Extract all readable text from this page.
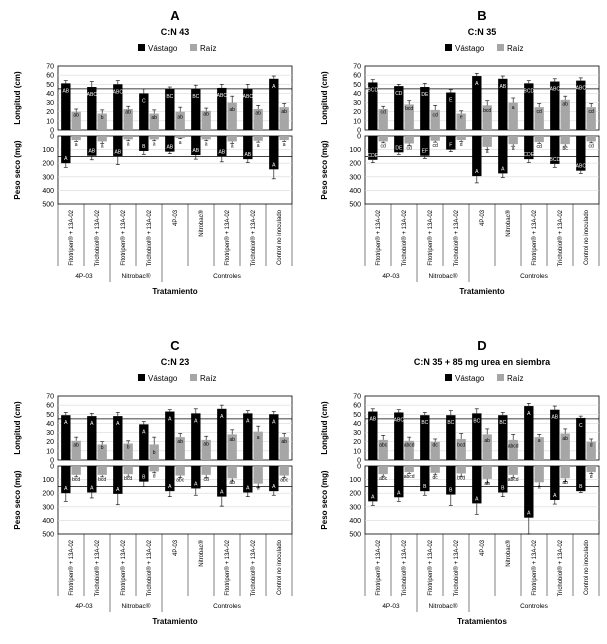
A
C:N 43
Vástago	Raíz
0
10
20
30
40
50
60
70
0
100
200
300
400
500
Longitud (cm)
Peso seco (mg)
AB
A
ABC
AB
ABC
AB
C
B
BC
AB
BC
AB
ABC
AB
ABC
AB
A
A
ab
a
b
a
ab
a
ab
a
ab
a
ab
a
ab
a
ab
a
ab
a
Fitotripen® + 13A-02	Trichobiol® + 13A-02	Fitotripen® + 13A-02	Trichobiol® + 13A-02	4P-03	Nitrobac®	Fitotripen® + 13A-02	Trichobiol® + 13A-02	Control no inoculado
4P-03	Nitrobac®	Controles
Tratamiento
B
C:N 35
Vástago	Raíz
0
10
20
30
40
50
60
70
0
100
200
300
400
500
Longitud (cm)
Peso seco (mg)
BCD
CDE
CD
DE
DE
EF
E
F
A
A
AB
A
BCD
CDE
ABC
BCD
ABC
ABC
cd
cd
bcd
cd
cd
cd
e
d
bcd
a
a
a
cd
cd
ab
bc
cd
cd
Fitotripen® + 13A-02	Trichobiol® + 13A-02	Fitotripen® + 13A-02	Trichobiol® + 13A-02	4P-03	Nitrobac®	Fitotripen® + 13A-02	Trichobiol® + 13A-02	Control no inoculado
4P-03	Nitrobac®	Controles
Tratamiento
C
C:N 23
Vástago	Raíz
0
10
20
30
40
50
60
70
0
100
200
300
400
500
Longitud (cm)
Peso seco (mg)
A
A
A
A
A
A
A
B
A
A
A
A
A
A
A
A
A
A
ab
bcd
b
bcd
b
bcd
b
d
ab
abc
ab
cd
ab
ab
a
a
ab
abc
Fitotripen® + 13A-02	Trichobiol® + 13A-02	Fitotripen® + 13A-02	Trichobiol® + 13A-02	4P-03	Nitrobac®	Fitotripen® + 13A-02	Trichobiol® + 13A-02	Control no inoculado
4P-03	Nitrobac®	Controles
Tratamiento
D
C:N 35 + 85 mg urea en siembra
Vástago	Raíz
0
10
20
30
40
50
60
70
0
100
200
300
400
500
Longitud (cm)
Peso seco (mg)
AB
A
ABC
A
BC
B
BC
B
BC
A
BC
B
A
A
AB
A
C
B
abc
abc
abcd
abcd
dc
dc
bcd
bcd
ab
ab
abcd
abcd
a
a
ab
ab
d
d
Fitotripen® + 13A-02	Trichobiol® + 13A-02	Fitotripen® + 13A-02	Trichobiol® + 13A-02	4P-03	Nitrobac®	Fitotripen® + 13A-02	Trichobiol® + 13A-02	Control no inoculado
4P-03	Nitrobac®	Controles
Tratamientos
